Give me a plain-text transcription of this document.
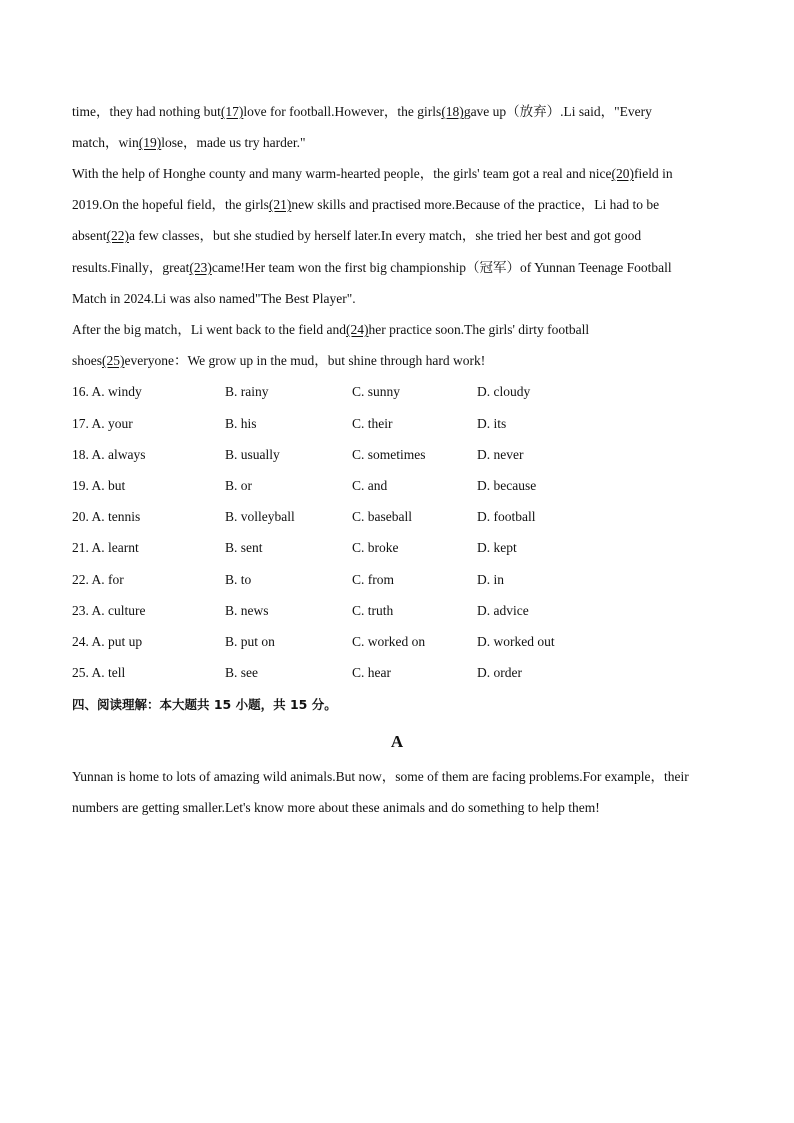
time，they had nothing but(17)love for football.However，the girls(18)gave up（放弃）.Li said，"Every
match，win(19)lose，made us try harder."
With the help of Honghe county and many warm-hearted people，the girls' team got a real and nice(20)field in
2019.On the hopeful field，the girls(21)new skills and practised more.Because of the practice，Li had to be
absent(22)a few classes，but she studied by herself later.In every match，she tried her best and got good
results.Finally，great(23)came!Her team won the first big championship（冠军）of Yunnan Teenage Football
Match in 2024.Li was also named"The Best Player".
After the big match，Li went back to the field and(24)her practice soon.The girls' dirty football
shoes(25)everyone：We grow up in the mud，but shine through hard work!
16. A. windy	B. rainy	C. sunny	D. cloudy
17. A. your	B. his	C. their	D. its
18. A. always	B. usually	C. sometimes	D. never
19. A. but	B. or	C. and	D. because
20. A. tennis	B. volleyball	C. baseball	D. football
21. A. learnt	B. sent	C. broke	D. kept
22. A. for	B. to	C. from	D. in
23. A. culture	B. news	C. truth	D. advice
24. A. put up	B. put on	C. worked on	D. worked out
25. A. tell	B. see	C. hear	D. order
四、阅读理解：本大题共 15 小题，共 15 分。
A
Yunnan is home to lots of amazing wild animals.But now，some of them are facing problems.For example，their
numbers are getting smaller.Let's know more about these animals and do something to help them!
